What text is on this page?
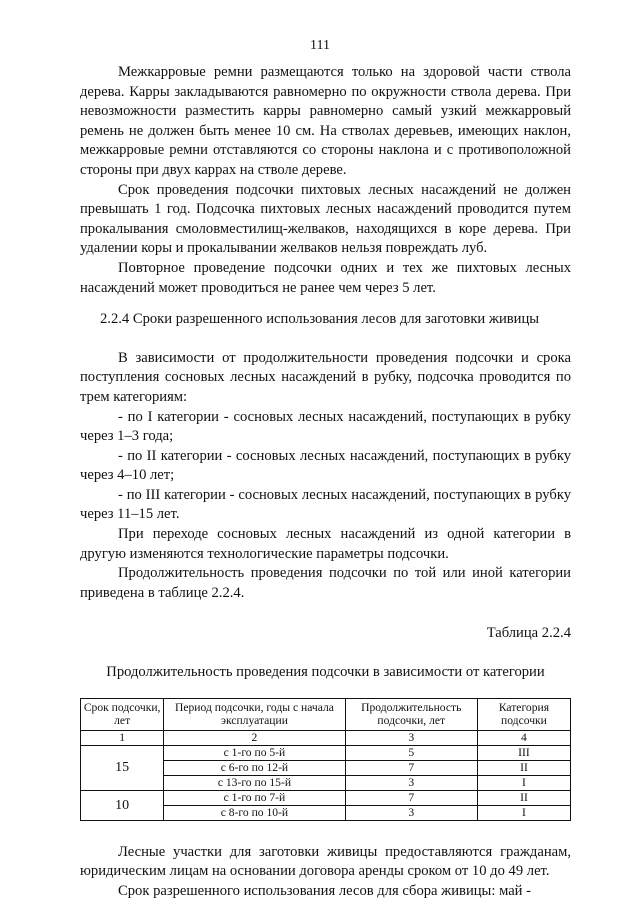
111

Межкарровые ремни размещаются только на здоровой части ствола дерева. Карры закладываются равномерно по окружности ствола дерева. При невозможности разместить карры равномерно самый узкий межкарровый ремень не должен быть менее 10 см. На стволах деревьев, имеющих наклон, межкарровые ремни отставляются со стороны наклона и с противоположной стороны при двух каррах на стволе дереве.

Срок проведения подсочки пихтовых лесных насаждений не должен превышать 1 год. Подсочка пихтовых лесных насаждений проводится путем прокалывания смоловместилищ-желваков, находящихся в коре дерева. При удалении коры и прокалывании желваков нельзя повреждать луб.

Повторное проведение подсочки одних и тех же пихтовых лесных насаждений может проводиться не ранее чем через 5 лет.

2.2.4 Сроки разрешенного использования лесов для заготовки живицы

В зависимости от продолжительности проведения подсочки и срока поступления сосновых лесных насаждений в рубку, подсочка проводится по трем категориям:

- по I категории - сосновых лесных насаждений, поступающих в рубку через 1–3 года;

- по II категории - сосновых лесных насаждений, поступающих в рубку через 4–10 лет;

- по III категории - сосновых лесных насаждений, поступающих в рубку через 11–15 лет.

При переходе сосновых лесных насаждений из одной категории в другую изменяются технологические параметры подсочки.

Продолжительность проведения подсочки по той или иной категории приведена в таблице 2.2.4.

Таблица 2.2.4

Продолжительность проведения подсочки в зависимости от категории

Срок подсочки, лет	Период подсочки, годы с начала эксплуатации	Продолжительность подсочки, лет	Категория подсочки
1	2	3	4
15	с 1-го по 5-й	5	III
	с 6-го по 12-й	7	II
	с 13-го по 15-й	3	I
10	с 1-го по 7-й	7	II
	с 8-го по 10-й	3	I

Лесные участки для заготовки живицы предоставляются гражданам, юридическим лицам на основании договора аренды сроком от 10 до 49 лет.

Срок разрешенного использования лесов для сбора живицы: май -
